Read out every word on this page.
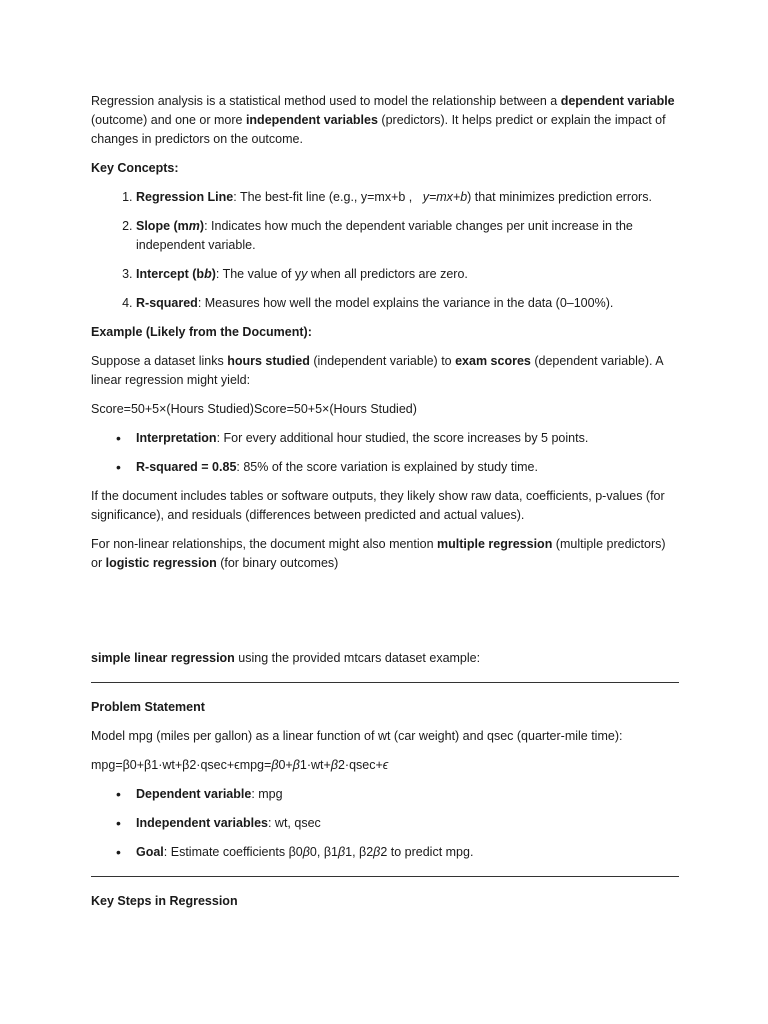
Regression analysis is a statistical method used to model the relationship between a dependent variable (outcome) and one or more independent variables (predictors). It helps predict or explain the impact of changes in predictors on the outcome.

Key Concepts:

1. Regression Line: The best-fit line (e.g., y=mx+b ,   y=mx+b) that minimizes prediction errors.
2. Slope (mm): Indicates how much the dependent variable changes per unit increase in the independent variable.
3. Intercept (bb): The value of yy when all predictors are zero.
4. R-squared: Measures how well the model explains the variance in the data (0–100%).

Example (Likely from the Document):

Suppose a dataset links hours studied (independent variable) to exam scores (dependent variable). A linear regression might yield:

Score=50+5×(Hours Studied)Score=50+5×(Hours Studied)
• Interpretation: For every additional hour studied, the score increases by 5 points.
• R-squared = 0.85: 85% of the score variation is explained by study time.

If the document includes tables or software outputs, they likely show raw data, coefficients, p-values (for significance), and residuals (differences between predicted and actual values).

For non-linear relationships, the document might also mention multiple regression (multiple predictors) or logistic regression (for binary outcomes)

simple linear regression using the provided mtcars dataset example:

Problem Statement

Model mpg (miles per gallon) as a linear function of wt (car weight) and qsec (quarter-mile time):

mpg=β0+β1·wt+β2·qsec+ϵmpg=β0+β1·wt+β2·qsec+ϵ
• Dependent variable: mpg
• Independent variables: wt, qsec
• Goal: Estimate coefficients β0β0, β1β1, β2β2 to predict mpg.

Key Steps in Regression
